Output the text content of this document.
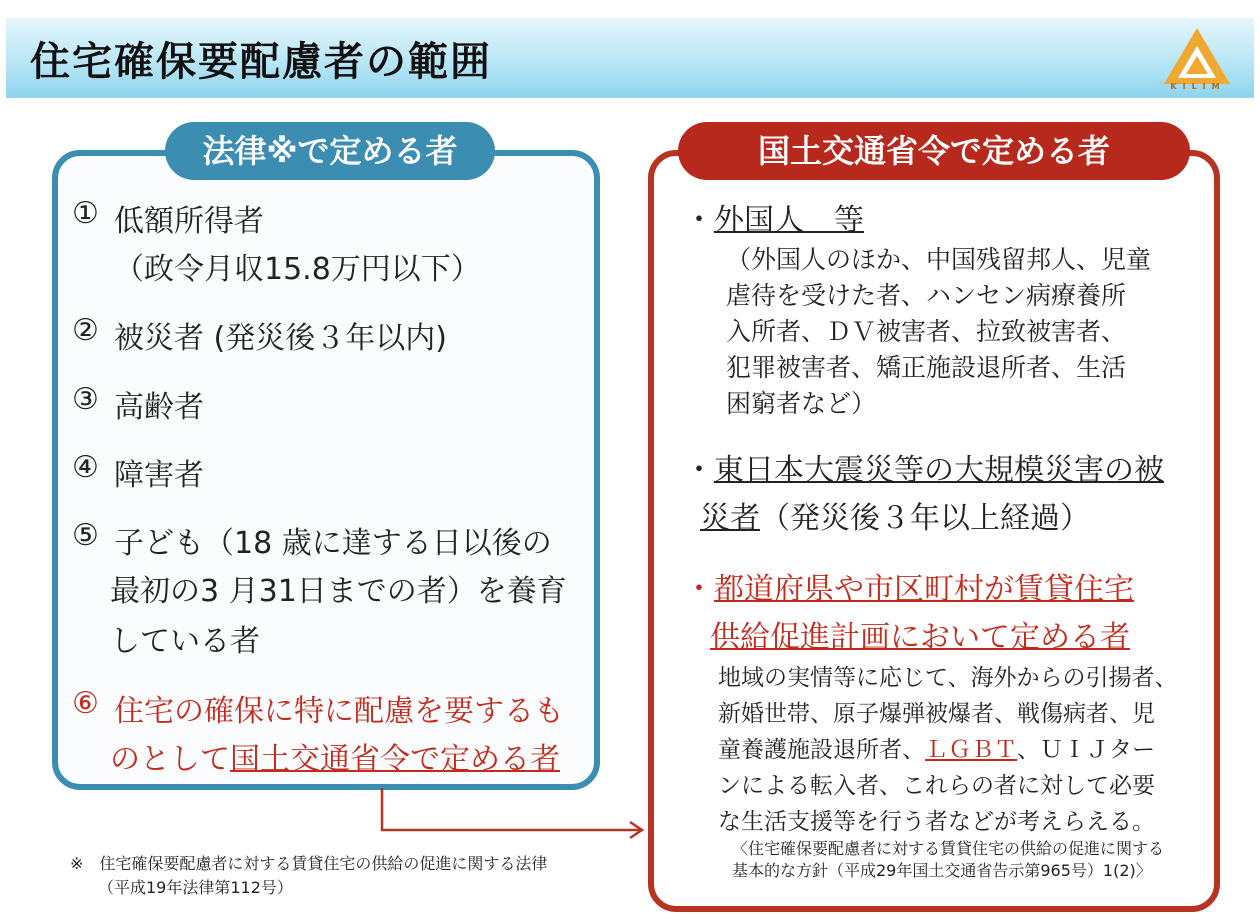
住宅確保要配慮者の範囲
KILIM
法律※で定める者
① 低額所得者
（政令月収15.8万円以下）
② 被災者 (発災後３年以内)
③ 高齢者
④ 障害者
⑤ 子ども（18 歳に達する日以後の
最初の3 月31日までの者）を養育
している者
⑥ 住宅の確保に特に配慮を要するも
のとして国土交通省令で定める者
※　住宅確保要配慮者に対する賃貸住宅の供給の促進に関する法律
（平成19年法律第112号）
国土交通省令で定める者
・外国人　等
（外国人のほか、中国残留邦人、児童
虐待を受けた者、ハンセン病療養所
入所者、ＤＶ被害者、拉致被害者、
犯罪被害者、矯正施設退所者、生活
困窮者など）
・東日本大震災等の大規模災害の被
災者（発災後３年以上経過）
・都道府県や市区町村が賃貸住宅
供給促進計画において定める者
地域の実情等に応じて、海外からの引揚者、
新婚世帯、原子爆弾被爆者、戦傷病者、児
童養護施設退所者、ＬＧＢＴ、ＵＩＪター
ンによる転入者、これらの者に対して必要
な生活支援等を行う者などが考えらえる。
〈住宅確保要配慮者に対する賃貸住宅の供給の促進に関する
基本的な方針（平成29年国土交通省告示第965号）1(2)〉
